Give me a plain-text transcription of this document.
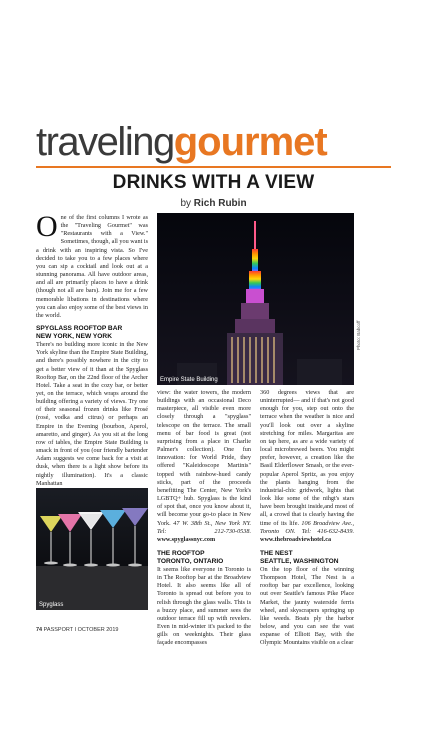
travelinggourmet
DRINKS WITH A VIEW
by Rich Rubin

One of the first columns I wrote as the "Traveling Gourmet" was "Restaurants with a View." Sometimes, though, all you want is a drink with an inspiring vista. So I've decided to take you to a few places where you can sip a cocktail and look out at a stunning panorama. All have outdoor areas, and all are primarily places to have a drink (though not all are bars). Join me for a few memorable libations in destinations where you can also enjoy some of the best views in the world.

SPYGLASS ROOFTOP BAR
NEW YORK, NEW YORK

There's no building more iconic in the New York skyline than the Empire State Building, and there's possibly nowhere in the city to get a better view of it than at the Spyglass Rooftop Bar, on the 22nd floor of the Archer Hotel. Take a seat in the cozy bar, or better yet, on the terrace, which wraps around the building offering a variety of views. Try one of their seasonal frozen drinks like Frosé (rosé, vodka and citrus) or perhaps an Empire in the Evening (bourbon, Aperol, amaretto, and ginger). As you sit at the long row of tables, the Empire State Building is smack in front of you (our friendly bartender Adam suggests we come back for a visit at dusk, when there is a light show before its nightly illumination). It's a classic Manhattan

Spyglass
Empire State Building
Photo: Babcoff

view: the water towers, the modern buildings with an occasional Deco masterpiece, all visible even more closely through a "spyglass" telescope on the terrace. The small menu of bar food is great (not surprising from a place in Charlie Palmer's collection). One fun innovation: for World Pride, they offered "Kaleidoscope Martinis" topped with rainbow-hued candy sticks, part of the proceeds benefitting The Center, New York's LGBTQ+ hub. Spyglass is the kind of spot that, once you know about it, will become your go-to place in New York. 47 W. 38th St., New York NY. Tel: 212-730-0538. www.spyglassnyc.com

THE ROOFTOP
TORONTO, ONTARIO

It seems like everyone in Toronto is in The Rooftop bar at the Broadview Hotel. It also seems like all of Toronto is spread out before you to relish through the glass walls. This is a buzzy place, and summer sees the outdoor terrace fill up with revelers. Even in mid-winter it's packed to the gills on weeknights. Their glass façade encompasses

360 degrees views that are uninterrupted— and if that's not good enough for you, step out onto the terrace when the weather is nice and you'll look out over a skyline stretching for miles. Margaritas are on tap here, as are a wide variety of local microbrewed beers. You might prefer, however, a creation like the Basil Elderflower Smash, or the ever-popular Aperol Spritz, as you enjoy the plants hanging from the industrial-chic gridwork, lights that look like some of the nihgt's stars have been brought inside,and most of all, a crowd that is clearly having the time of its life. 106 Broadview Ave., Toronto ON. Tel: 416-632-8439. www.thebroadviewhotel.ca

THE NEST
SEATTLE, WASHINGTON

On the top floor of the winning Thompson Hotel, The Nest is a rooftop bar par excellence, looking out over Seattle's famous Pike Place Market, the jaunty waterside ferris wheel, and skyscrapers springing up like weeds. Boats ply the harbor below, and you can see the vast expanse of Elliott Bay, with the Olympic Mountains visible on a clear

74 PASSPORT I OCTOBER 2019
